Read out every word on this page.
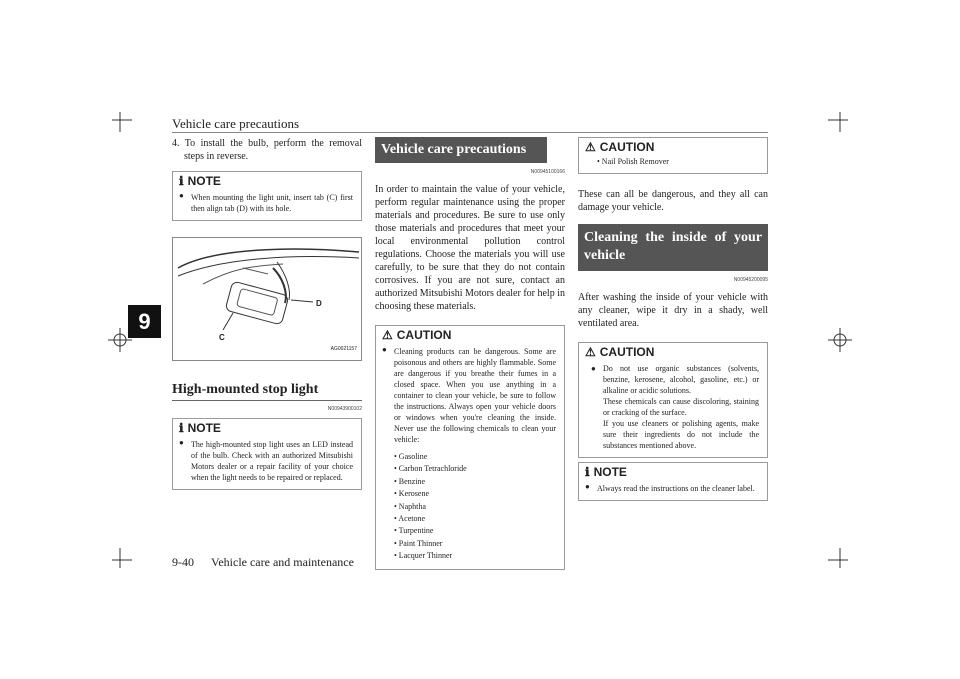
Vehicle care precautions
9
4. To install the bulb, perform the removal steps in reverse.
ℹ NOTE
● When mounting the light unit, insert tab (C) first then align tab (D) with its hole.
C
D
AG0021157
High-mounted stop light
N00943900102
ℹ NOTE
● The high-mounted stop light uses an LED instead of the bulb. Check with an authorized Mitsubishi Motors dealer or a repair facility of your choice when the light needs to be repaired or replaced.
Vehicle care precautions
N00945100166
In order to maintain the value of your vehicle, perform regular maintenance using the proper materials and procedures. Be sure to use only those materials and procedures that meet your local environmental pollution control regulations. Choose the materials you will use carefully, to be sure that they do not contain corrosives. If you are not sure, contact an authorized Mitsubishi Motors dealer for help in choosing these materials.
⚠ CAUTION
● Cleaning products can be dangerous. Some are poisonous and others are highly flammable. Some are dangerous if you breathe their fumes in a closed space. When you use anything in a container to clean your vehicle, be sure to follow the instructions. Always open your vehicle doors or windows when you're cleaning the inside. Never use the following chemicals to clean your vehicle:
• Gasoline
• Carbon Tetrachloride
• Benzine
• Kerosene
• Naphtha
• Acetone
• Turpentine
• Paint Thinner
• Lacquer Thinner
⚠ CAUTION
• Nail Polish Remover
These can all be dangerous, and they all can damage your vehicle.
Cleaning the inside of your vehicle
N00945200095
After washing the inside of your vehicle with any cleaner, wipe it dry in a shady, well ventilated area.
⚠ CAUTION
● Do not use organic substances (solvents, benzine, kerosene, alcohol, gasoline, etc.) or alkaline or acidic solutions.
These chemicals can cause discoloring, staining or cracking of the surface.
If you use cleaners or polishing agents, make sure their ingredients do not include the substances mentioned above.
ℹ NOTE
● Always read the instructions on the cleaner label.
9-40 Vehicle care and maintenance
